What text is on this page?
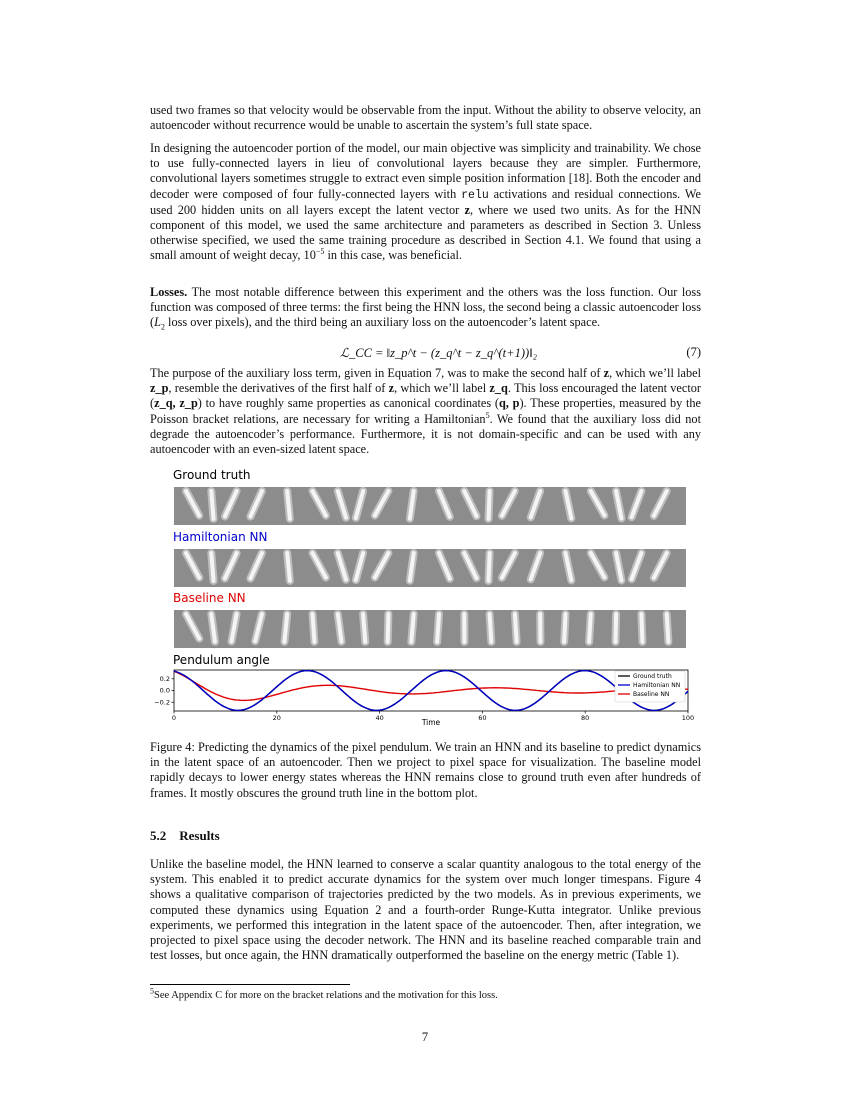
used two frames so that velocity would be observable from the input. Without the ability to observe velocity, an autoencoder without recurrence would be unable to ascertain the system’s full state space.

In designing the autoencoder portion of the model, our main objective was simplicity and trainability. We chose to use fully-connected layers in lieu of convolutional layers because they are simpler. Furthermore, convolutional layers sometimes struggle to extract even simple position information [18]. Both the encoder and decoder were composed of four fully-connected layers with relu activations and residual connections. We used 200 hidden units on all layers except the latent vector z, where we used two units. As for the HNN component of this model, we used the same architecture and parameters as described in Section 3. Unless otherwise specified, we used the same training procedure as described in Section 4.1. We found that using a small amount of weight decay, $10^{-5}$ in this case, was beneficial.

Losses. The most notable difference between this experiment and the others was the loss function. Our loss function was composed of three terms: the first being the HNN loss, the second being a classic autoencoder loss ($L_2$ loss over pixels), and the third being an auxiliary loss on the autoencoder’s latent space.

ℒ_CC = ‖z_p^t − (z_q^t − z_q^(t+1))‖₂	(7)

The purpose of the auxiliary loss term, given in Equation 7, was to make the second half of z, which we’ll label z_p, resemble the derivatives of the first half of z, which we’ll label z_q. This loss encouraged the latent vector (z_q, z_p) to have roughly same properties as canonical coordinates (q, p). These properties, measured by the Poisson bracket relations, are necessary for writing a Hamiltonian$^5$. We found that the auxiliary loss did not degrade the autoencoder’s performance. Furthermore, it is not domain-specific and can be used with any autoencoder with an even-sized latent space.

Ground truth
Hamiltonian NN
Baseline NN
Pendulum angle
0	20	40	60	80	100
0.2
0.0
−0.2
Time
Ground truth
Hamiltonian NN
Baseline NN

Figure 4: Predicting the dynamics of the pixel pendulum. We train an HNN and its baseline to predict dynamics in the latent space of an autoencoder. Then we project to pixel space for visualization. The baseline model rapidly decays to lower energy states whereas the HNN remains close to ground truth even after hundreds of frames. It mostly obscures the ground truth line in the bottom plot.

5.2 Results

Unlike the baseline model, the HNN learned to conserve a scalar quantity analogous to the total energy of the system. This enabled it to predict accurate dynamics for the system over much longer timespans. Figure 4 shows a qualitative comparison of trajectories predicted by the two models. As in previous experiments, we computed these dynamics using Equation 2 and a fourth-order Runge-Kutta integrator. Unlike previous experiments, we performed this integration in the latent space of the autoencoder. Then, after integration, we projected to pixel space using the decoder network. The HNN and its baseline reached comparable train and test losses, but once again, the HNN dramatically outperformed the baseline on the energy metric (Table 1).

$^5$See Appendix C for more on the bracket relations and the motivation for this loss.
7
